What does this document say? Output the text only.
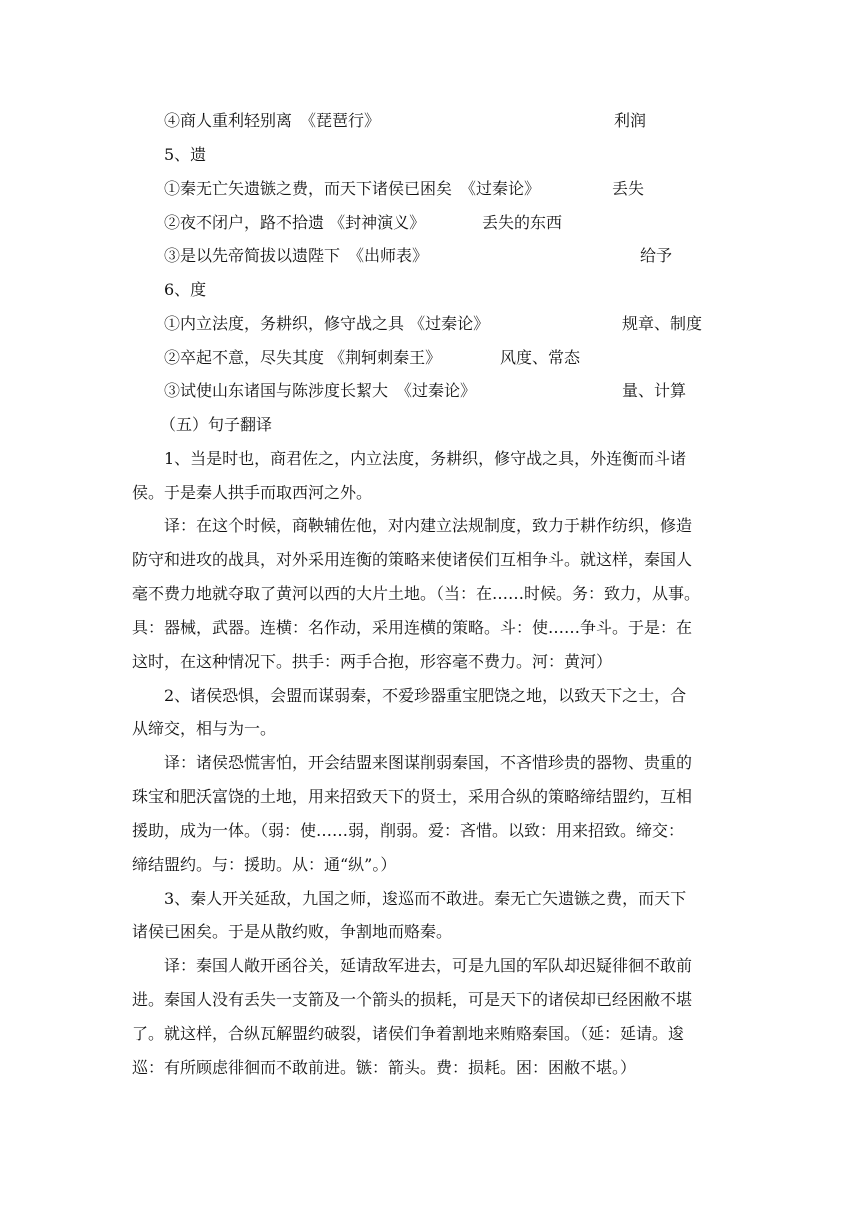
④商人重利轻别离　《琵琶行》	利润
5、遗
①秦无亡矢遗镞之费，而天下诸侯已困矣　《过秦论》	丢失
②夜不闭户，路不拾遗 《封神演义》	丢失的东西
③是以先帝简拔以遗陛下　《出师表》	给予
6、度
①内立法度，务耕织，修守战之具 《过秦论》	规章、制度
②卒起不意，尽失其度 《荆轲刺秦王》	风度、常态
③试使山东诸国与陈涉度长絜大　《过秦论》	量、计算
（五）句子翻译
1、当是时也，商君佐之，内立法度，务耕织，修守战之具，外连衡而斗诸
侯。于是秦人拱手而取西河之外。
译：在这个时候，商鞅辅佐他，对内建立法规制度，致力于耕作纺织，修造
防守和进攻的战具，对外采用连衡的策略来使诸侯们互相争斗。就这样，秦国人
毫不费力地就夺取了黄河以西的大片土地。（当：在……时候。务：致力，从事。
具：器械，武器。连横：名作动，采用连横的策略。斗：使……争斗。于是：在
这时，在这种情况下。拱手：两手合抱，形容毫不费力。河：黄河）
2、诸侯恐惧，会盟而谋弱秦，不爱珍器重宝肥饶之地，以致天下之士，合
从缔交，相与为一。
译：诸侯恐慌害怕，开会结盟来图谋削弱秦国，不吝惜珍贵的器物、贵重的
珠宝和肥沃富饶的土地，用来招致天下的贤士，采用合纵的策略缔结盟约，互相
援助，成为一体。（弱：使……弱，削弱。爱：吝惜。以致：用来招致。缔交：
缔结盟约。与：援助。从：通“纵”。）
3、秦人开关延敌，九国之师，逡巡而不敢进。秦无亡矢遗镞之费，而天下
诸侯已困矣。于是从散约败，争割地而赂秦。
译：秦国人敞开函谷关，延请敌军进去，可是九国的军队却迟疑徘徊不敢前
进。秦国人没有丢失一支箭及一个箭头的损耗，可是天下的诸侯却已经困敝不堪
了。就这样，合纵瓦解盟约破裂，诸侯们争着割地来贿赂秦国。（延：延请。逡
巡：有所顾虑徘徊而不敢前进。镞：箭头。费：损耗。困：困敝不堪。）
